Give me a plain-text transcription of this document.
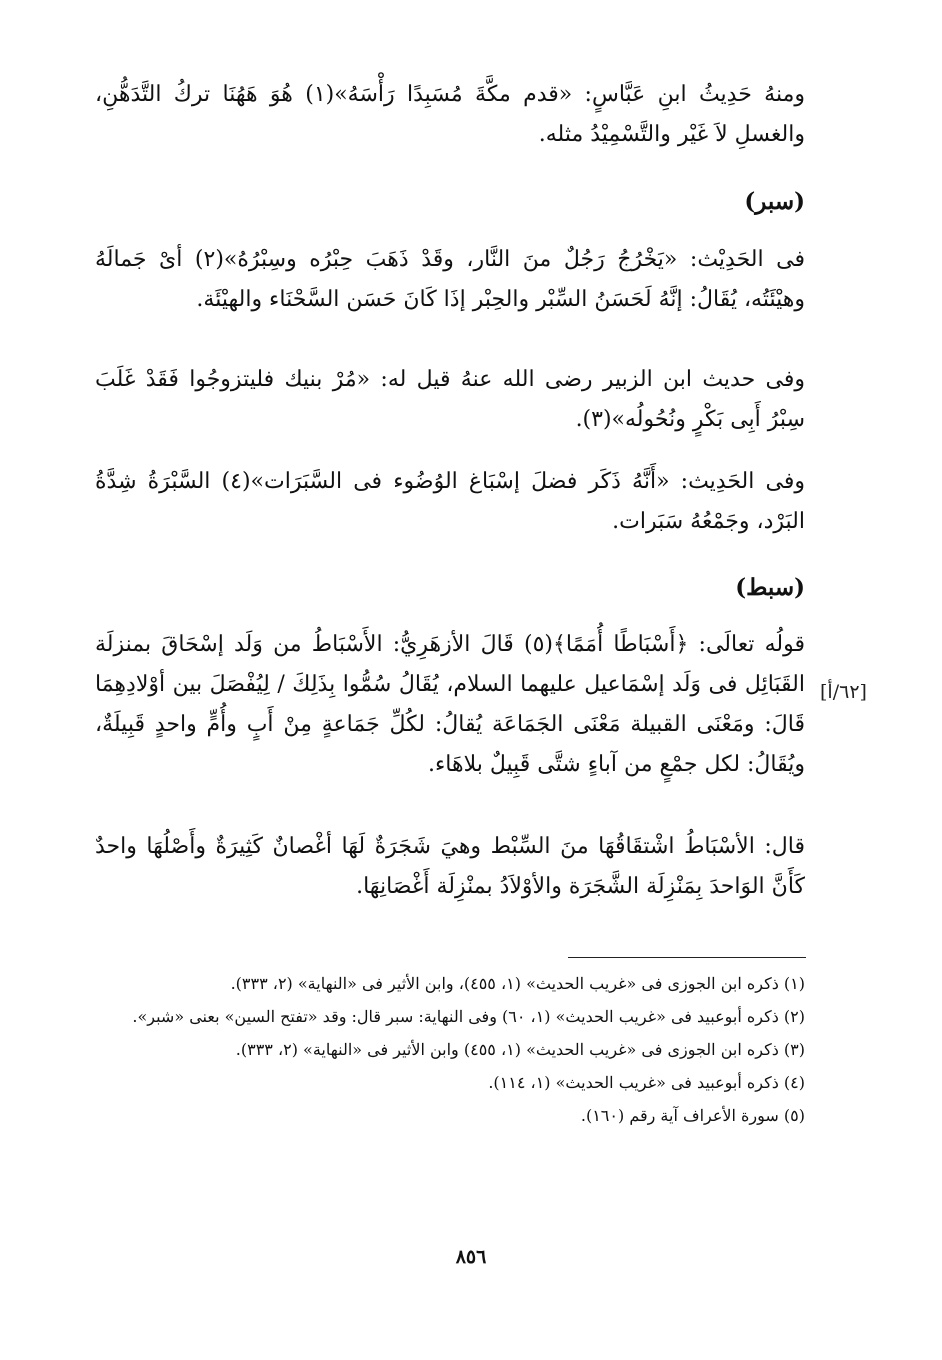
ومنهُ حَدِيثُ ابنِ عَبَّاسٍ: «قدم مكَّةَ مُسَبِدًا رَأْسَهُ»(١) هُوَ هَهُنَا تركُ التَّدَهُّنِ، والغسلِ لاَ غَيْر والتَّسْمِيْدُ مثله.

(سبر)

فى الحَدِيْث: «يَخْرُجُ رَجُلٌ منَ النَّار، وقَدْ ذَهَبَ حِبْرُه وسِبْرُهُ»(٢) أىْ جَمالَهُ وهيْئَتُه، يُقَالُ: إنَّهُ لَحَسَنُ السِّبْر والحِبْر إذَا كَانَ حَسَن السَّحْنَاء والهيْئَة.

وفى حديث ابن الزبير رضى الله عنهُ قيل له: «مُرْ بنيك فليتزوجُوا فَقَدْ غَلَبَ سِبْرُ أَبِى بَكْرٍ ونُحُولُه»(٣).

وفى الحَدِيث: «أَنَّهُ ذَكَر فضلَ إسْبَاغ الوُضُوء فى السَّبَرَات»(٤) السَّبْرَةُ شِدَّةُ البَرْد، وجَمْعُهُ سَبَرات.

(سبط)

قولُه تعالَى: ﴿أَسْبَاطًا أُمَمًا﴾(٥) قَالَ الأزهَرِيُّ: الأَسْبَاطُ من وَلَد إسْحَاقَ بمنزلَة القَبَائِل فى وَلَد إسْمَاعيل عليهما السلام، يُقَالُ سُمُّوا بِذَلِكَ / لِيُفْصَلَ بين أوْلادِهِمَا قَالَ: ومَعْنَى القبيلة مَعْنَى الجَمَاعَة يُقالُ: لكُلِّ جَمَاعةٍ مِنْ أَبٍ وأُمٍّ واحدٍ قَبِيلَةٌ، ويُقَالُ: لكل جمْعٍ من آباءٍ شتَّى قَبِيلٌ بلاهَاء.

[٦٢/أ]

قال: الأسْبَاطُ اشْتقَاقُهَا منَ السِّبْط وهيَ شَجَرَةٌ لَهَا أغْصانٌ كَثِيرَةٌ وأَصْلُهَا واحدٌ كَأَنَّ الوَاحدَ بِمَنْزِلَة الشَّجَرَة والأوْلاَدُ بمنْزِلَة أَغْصَانِهَا.

(١) ذكره ابن الجوزى فى «غريب الحديث» (١، ٤٥٥)، وابن الأثير فى «النهاية» (٢، ٣٣٣).

(٢) ذكره أبوعبيد فى «غريب الحديث» (١، ٦٠) وفى النهاية: سبر قال: وقد «تفتح السين» بعنى «شبر».

(٣) ذكره ابن الجوزى فى «غريب الحديث» (١، ٤٥٥) وابن الأثير فى «النهاية» (٢، ٣٣٣).

(٤) ذكره أبوعبيد فى «غريب الحديث» (١، ١١٤).

(٥) سورة الأعراف آية رقم (١٦٠).

٨٥٦
